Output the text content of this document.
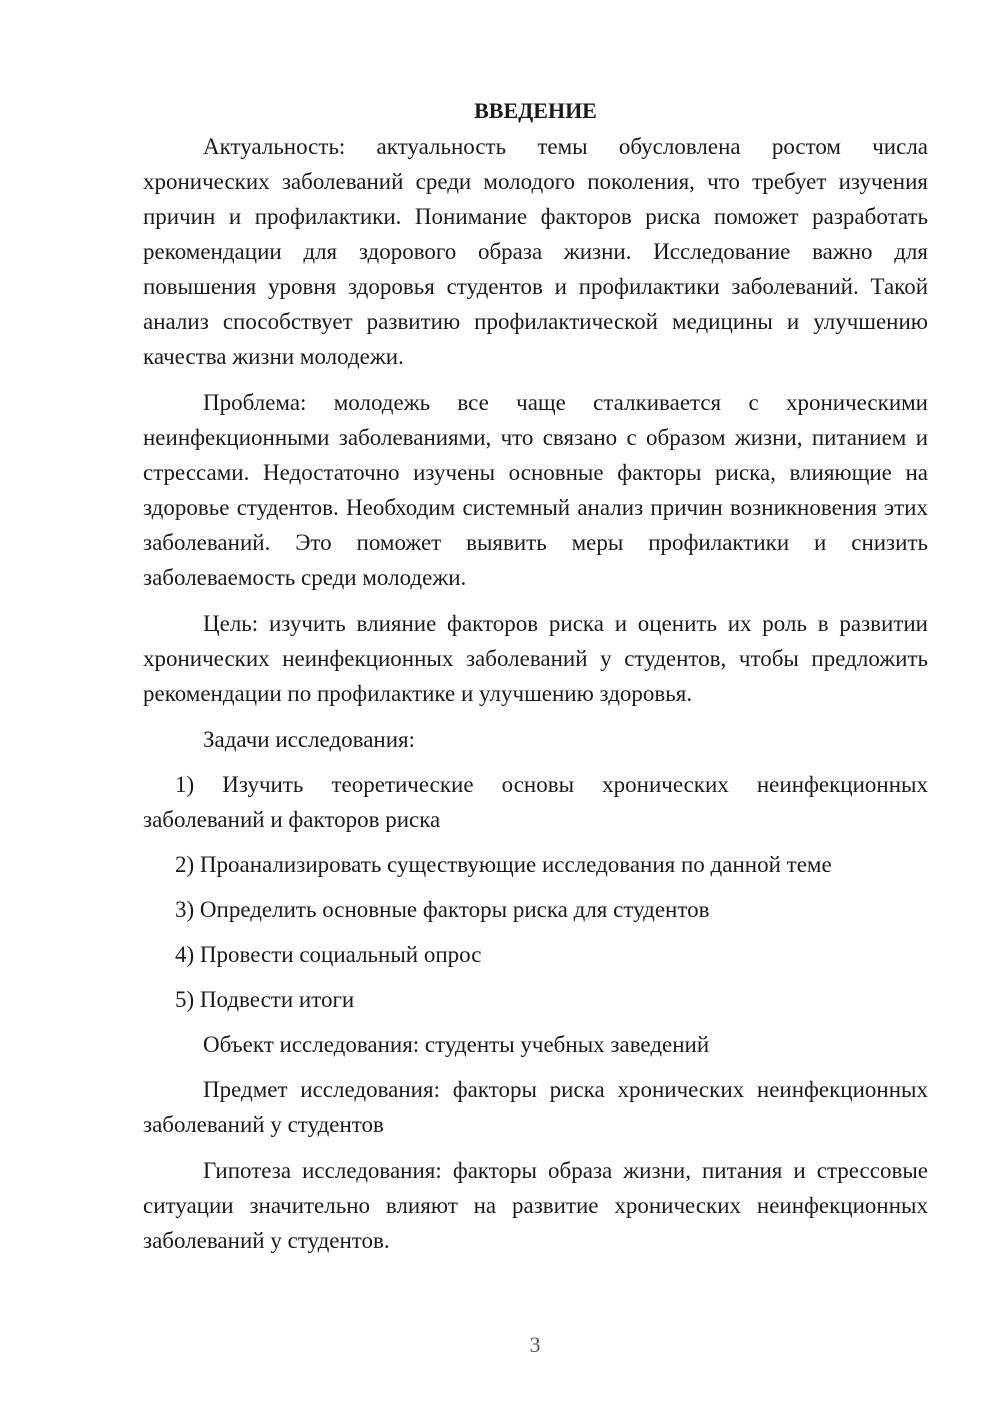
ВВЕДЕНИЕ

Актуальность: актуальность темы обусловлена ростом числа хронических заболеваний среди молодого поколения, что требует изучения причин и профилактики. Понимание факторов риска поможет разработать рекомендации для здорового образа жизни. Исследование важно для повышения уровня здоровья студентов и профилактики заболеваний. Такой анализ способствует развитию профилактической медицины и улучшению качества жизни молодежи.

Проблема: молодежь все чаще сталкивается с хроническими неинфекционными заболеваниями, что связано с образом жизни, питанием и стрессами. Недостаточно изучены основные факторы риска, влияющие на здоровье студентов. Необходим системный анализ причин возникновения этих заболеваний. Это поможет выявить меры профилактики и снизить заболеваемость среди молодежи.

Цель: изучить влияние факторов риска и оценить их роль в развитии хронических неинфекционных заболеваний у студентов, чтобы предложить рекомендации по профилактике и улучшению здоровья.

Задачи исследования:

1) Изучить теоретические основы хронических неинфекционных заболеваний и факторов риска

2) Проанализировать существующие исследования по данной теме

3) Определить основные факторы риска для студентов

4) Провести социальный опрос

5) Подвести итоги

Объект исследования: студенты учебных заведений

Предмет исследования: факторы риска хронических неинфекционных заболеваний у студентов

Гипотеза исследования: факторы образа жизни, питания и стрессовые ситуации значительно влияют на развитие хронических неинфекционных заболеваний у студентов.

3
